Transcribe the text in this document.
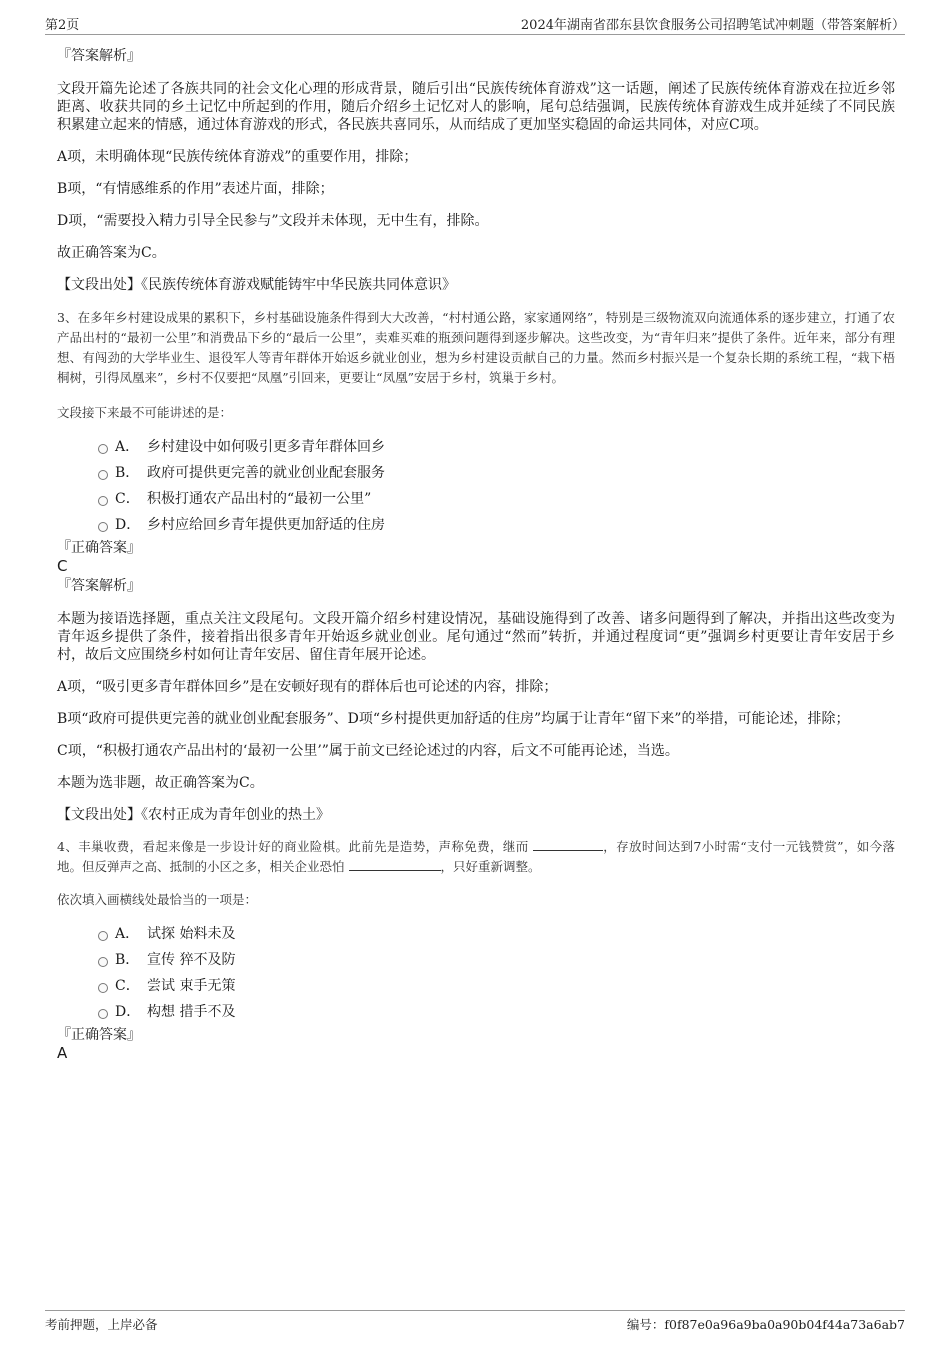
第2页	2024年湖南省邵东县饮食服务公司招聘笔试冲刺题（带答案解析）

『答案解析』

文段开篇先论述了各族共同的社会文化心理的形成背景，随后引出“民族传统体育游戏”这一话题，阐述了民族传统体育游戏在拉近乡邻距离、收获共同的乡土记忆中所起到的作用，随后介绍乡土记忆对人的影响，尾句总结强调，民族传统体育游戏生成并延续了不同民族积累建立起来的情感，通过体育游戏的形式，各民族共喜同乐，从而结成了更加坚实稳固的命运共同体，对应C项。

A项，未明确体现“民族传统体育游戏”的重要作用，排除；

B项，“有情感维系的作用”表述片面，排除；

D项，“需要投入精力引导全民参与”文段并未体现，无中生有，排除。

故正确答案为C。

【文段出处】《民族传统体育游戏赋能铸牢中华民族共同体意识》

3、在多年乡村建设成果的累积下，乡村基础设施条件得到大大改善，“村村通公路，家家通网络”，特别是三级物流双向流通体系的逐步建立，打通了农产品出村的“最初一公里”和消费品下乡的“最后一公里”，卖难买难的瓶颈问题得到逐步解决。这些改变，为“青年归来”提供了条件。近年来，部分有理想、有闯劲的大学毕业生、退役军人等青年群体开始返乡就业创业，想为乡村建设贡献自己的力量。然而乡村振兴是一个复杂长期的系统工程，“栽下梧桐树，引得凤凰来”，乡村不仅要把“凤凰”引回来，更要让“凤凰”安居于乡村，筑巢于乡村。

文段接下来最不可能讲述的是：

A． 乡村建设中如何吸引更多青年群体回乡

B． 政府可提供更完善的就业创业配套服务

C． 积极打通农产品出村的“最初一公里”

D． 乡村应给回乡青年提供更加舒适的住房

『正确答案』

C

『答案解析』

本题为接语选择题，重点关注文段尾句。文段开篇介绍乡村建设情况，基础设施得到了改善、诸多问题得到了解决，并指出这些改变为青年返乡提供了条件，接着指出很多青年开始返乡就业创业。尾句通过“然而”转折，并通过程度词“更”强调乡村更要让青年安居于乡村，故后文应围绕乡村如何让青年安居、留住青年展开论述。

A项，“吸引更多青年群体回乡”是在安顿好现有的群体后也可论述的内容，排除；

B项“政府可提供更完善的就业创业配套服务”、D项“乡村提供更加舒适的住房”均属于让青年“留下来”的举措，可能论述，排除；

C项，“积极打通农产品出村的‘最初一公里’”属于前文已经论述过的内容，后文不可能再论述，当选。

本题为选非题，故正确答案为C。

【文段出处】《农村正成为青年创业的热土》

4、丰巢收费，看起来像是一步设计好的商业险棋。此前先是造势，声称免费，继而	，存放时间达到7小时需“支付一元钱赞赏”，如今落地。但反弹声之高、抵制的小区之多，相关企业恐怕	，只好重新调整。

依次填入画横线处最恰当的一项是：

A． 试探 始料未及

B． 宣传 猝不及防

C． 尝试 束手无策

D． 构想 措手不及

『正确答案』

A

考前押题，上岸必备	编号：f0f87e0a96a9ba0a90b04f44a73a6ab7
